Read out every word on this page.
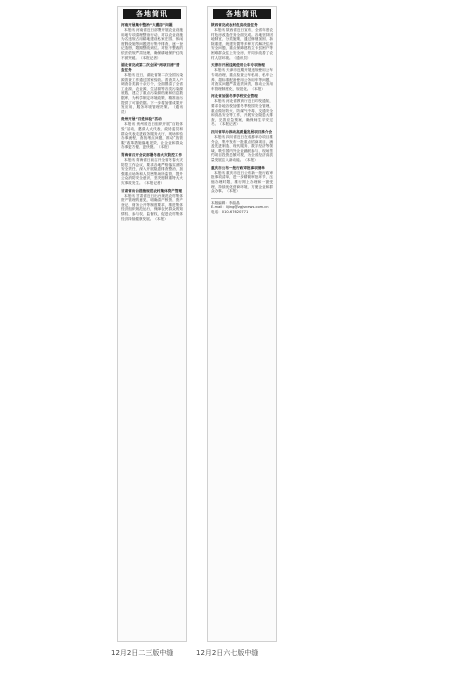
各地简讯
河南开展集中整治“大棚房”问题
本报讯 河南省近日部署开展农业设施用地专项清理整治行动，对以农业设施为名违规占用耕地建设私家庄园、休闲度假设施等问题进行集中排查，逐一登记造册，限期整改到位。对拒不整改的依法依规严肃处理，确保耕地保护红线不被突破。（本报记者）
湖北省完成第二次全国“两项目清”普查任务
本报讯 近日，湖北省第二次全国污染源普查工作通过国家验收。普查共入户调查各类源十余万个，全面摸清了全省工业源、农业源、生活源等各类污染源底数，建立了重点污染源档案和信息数据库，为科学制定环境政策、精准治污提供了可靠依据。下一步将加强成果开发应用，服务环境管理决策。（通讯员）
贵州开展“百姓体验”活动
本报讯 贵州省近日组织开展“百姓体验”活动，邀请人大代表、政协委员和群众代表走进政务服务大厅，现场体验办事流程，查找堵点问题，推动“放管服”改革措施落地见效，让企业和群众办事更方便、更快捷。（本报）
青海省召开会议部署冬春火灾防控工作
本报讯 青海省日前召开全省冬春火灾防控工作会议，要求各地严格落实消防安全责任，深入开展隐患排查整治，加强重点场所和人员密集场所监管，提升公众消防安全意识，坚决遏制重特大火灾事故发生。（本报记者）
甘肃省出台措施规范农村集体资产管理
本报讯 甘肃省近日出台规范农村集体资产管理的意见，明确清产核资、资产登记、财务公开等制度要求，推进集体经济组织规范运行，保障农民群众的知情权、参与权、监督权，促进农村集体经济持续健康发展。（本报）
各地简讯
陕西省完成农村危房改造任务
本报讯 陕西省近日宣布，全省年度农村危房改造任务全面完成。各地坚持因地制宜、分类施策，通过修缮加固、拆除重建、统建安置等多种方式解决住房安全问题，重点保障建档立卡贫困户等困难群众住上安全房，并同步改善了农村人居环境。（通讯员）
天津市开展违规使用公车专项治理
本报讯 天津市近期开展违规使用公车专项治理，重点检查公车私用、私车公养、超标准配备使用公务用车等问题，对查实问题严肃追责问责，推动公务用车管理制度化、规范化。（本报）
河北省加强冬季学校安全管理
本报讯 河北省教育厅近日印发通知，要求各地各校加强冬季校园安全管理，重点做好防火、防煤气中毒、交通安全和食品安全等工作，开展安全隐患大排查，完善应急预案，确保师生平安过冬。（本报记者）
四川省举办推动高质量发展项目推介会
本报讯 四川省近日在成都举办项目推介会，集中发布一批重点招商项目，涵盖先进制造、现代服务、数字经济等领域，吸引国内外企业踊跃参与，现场签约项目投资总额可观，为全省经济高质量发展注入新动能。（本报）
重庆市公布一批行政审批事项清单
本报讯 重庆市近日公布新一批行政审批事项清单，进一步精简审批环节，压缩办理时限，推行网上办理和一窗受理，持续优化营商环境，方便企业和群众办事。（本报）
本版编辑：李晶晶
E-mail：lijing@zgjsnews.com.cn
电话：010-67620771
12月2日二三版中缝	12月2日六七版中缝
